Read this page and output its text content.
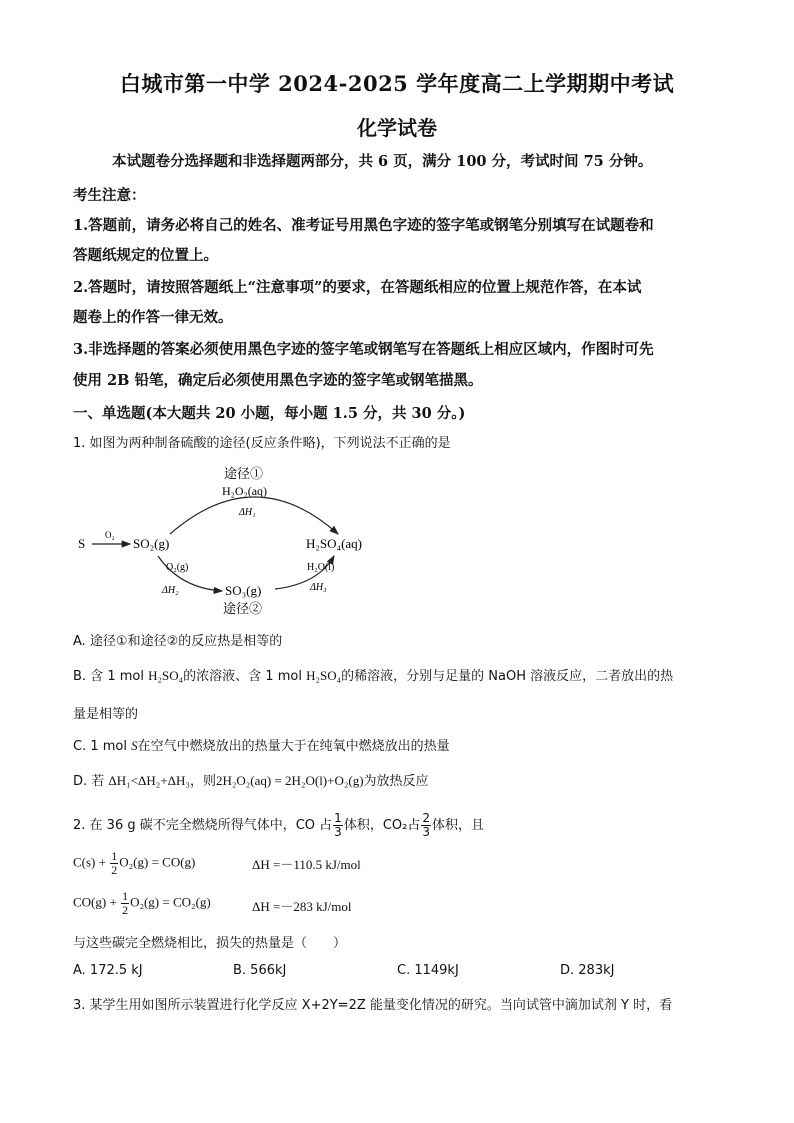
白城市第一中学 2024-2025 学年度高二上学期期中考试
化学试卷
本试题卷分选择题和非选择题两部分，共 6 页，满分 100 分，考试时间 75 分钟。
考生注意：
1.答题前，请务必将自己的姓名、准考证号用黑色字迹的签字笔或钢笔分别填写在试题卷和
答题纸规定的位置上。
2.答题时，请按照答题纸上“注意事项”的要求，在答题纸相应的位置上规范作答，在本试
题卷上的作答一律无效。
3.非选择题的答案必须使用黑色字迹的签字笔或钢笔写在答题纸上相应区域内，作图时可先
使用 2B 铅笔，确定后必须使用黑色字迹的签字笔或钢笔描黑。
一、单选题(本大题共 20 小题，每小题 1.5 分，共 30 分。)
1. 如图为两种制备硫酸的途径(反应条件略)，下列说法不正确的是
途径①
H₂O₂(aq)
ΔH₁
S
O₂
SO₂(g)	H₂SO₄(aq)
O₂(g)
ΔH₂	SO₃(g)
H₂O(l)
ΔH₃
途径②
A. 途径①和途径②的反应热是相等的
B. 含 1 mol H₂SO₄的浓溶液、含 1 mol H₂SO₄的稀溶液，分别与足量的 NaOH 溶液反应，二者放出的热
量是相等的
C. 1 mol S在空气中燃烧放出的热量大于在纯氧中燃烧放出的热量
D. 若 ΔH₁<ΔH₂+ΔH₃，则2H₂O₂(aq) = 2H₂O(l)+O₂(g)为放热反应
2. 在 36 g 碳不完全燃烧所得气体中，CO 占 $\frac{1}{3}$ 体积，CO₂占 $\frac{2}{3}$ 体积，且
$C(s) + \frac{1}{2} O_2(g) = CO(g)$	ΔH =－110.5 kJ/mol
$CO(g) + \frac{1}{2} O_2(g) = CO_2(g)$	ΔH =－283 kJ/mol
与这些碳完全燃烧相比，损失的热量是（　　）
A. 172.5 kJ	B. 566kJ	C. 1149kJ	D. 283kJ
3. 某学生用如图所示装置进行化学反应 X+2Y=2Z 能量变化情况的研究。当向试管中滴加试剂 Y 时，看
